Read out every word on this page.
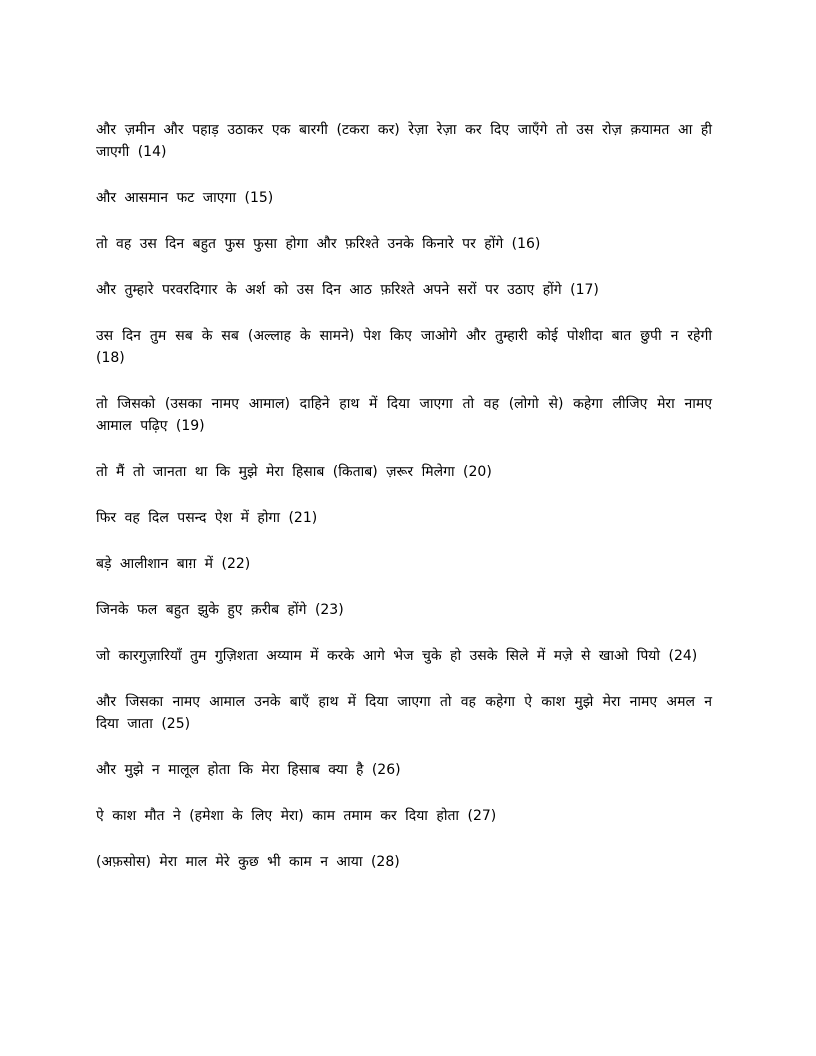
और ज़मीन और पहाड़ उठाकर एक बारगी (टकरा कर) रेज़ा रेज़ा कर दिए जाएँगे तो उस रोज़ क़यामत आ ही जाएगी (14)

और आसमान फट जाएगा (15)

तो वह उस दिन बहुत फुस फुसा होगा और फ़रिश्ते उनके किनारे पर होंगे (16)

और तुम्हारे परवरदिगार के अर्श को उस दिन आठ फ़रिश्ते अपने सरों पर उठाए होंगे (17)

उस दिन तुम सब के सब (अल्लाह के सामने) पेश किए जाओगे और तुम्हारी कोई पोशीदा बात छुपी न रहेगी (18)

तो जिसको (उसका नामए आमाल) दाहिने हाथ में दिया जाएगा तो वह (लोगो से) कहेगा लीजिए मेरा नामए आमाल पढ़िए (19)

तो मैं तो जानता था कि मुझे मेरा हिसाब (किताब) ज़रूर मिलेगा (20)

फिर वह दिल पसन्द ऐश में होगा (21)

बड़े आलीशान बाग़ में (22)

जिनके फल बहुत झुके हुए क़रीब होंगे (23)

जो कारगुज़ारियाँ तुम गुज़िशता अय्याम में करके आगे भेज चुके हो उसके सिले में मज़े से खाओ पियो (24)

और जिसका नामए आमाल उनके बाएँ हाथ में दिया जाएगा तो वह कहेगा ऐ काश मुझे मेरा नामए अमल न दिया जाता (25)

और मुझे न मालूल होता कि मेरा हिसाब क्या है (26)

ऐ काश मौत ने (हमेशा के लिए मेरा) काम तमाम कर दिया होता (27)

(अफ़सोस) मेरा माल मेरे कुछ भी काम न आया (28)
